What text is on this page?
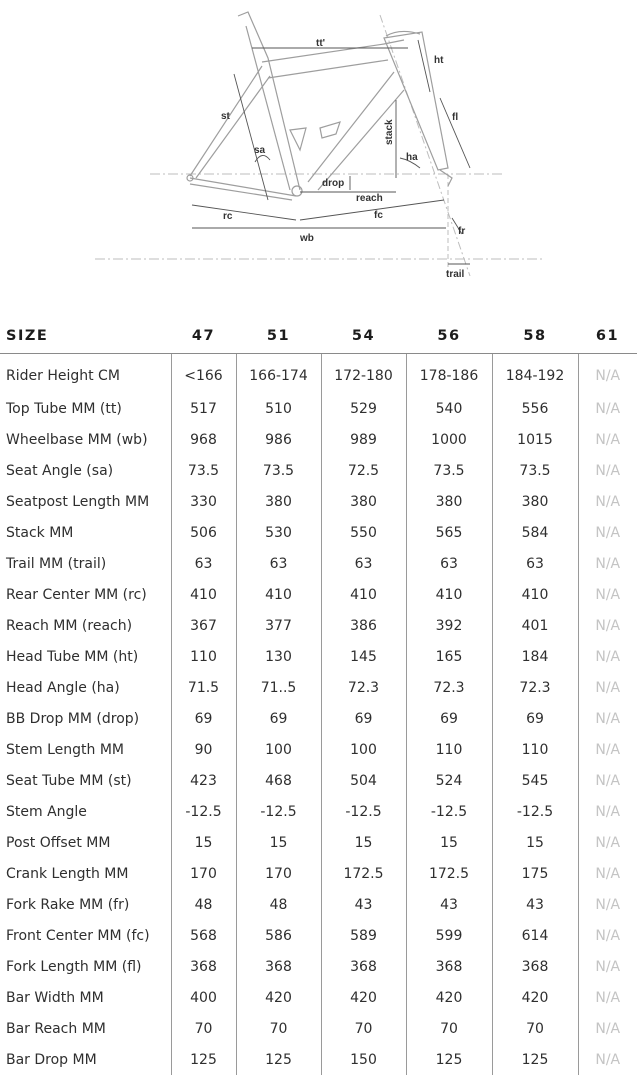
tt'
st
sa
ht
fl
stack
ha
drop
reach
rc	fc
wb
fr
trail
SIZE	47	51	54	56	58	61
Rider Height CM	<166	166-174	172-180	178-186	184-192	N/A
Top Tube MM (tt)	517	510	529	540	556	N/A
Wheelbase MM (wb)	968	986	989	1000	1015	N/A
Seat Angle (sa)	73.5	73.5	72.5	73.5	73.5	N/A
Seatpost Length MM	330	380	380	380	380	N/A
Stack MM	506	530	550	565	584	N/A
Trail MM (trail)	63	63	63	63	63	N/A
Rear Center MM (rc)	410	410	410	410	410	N/A
Reach MM (reach)	367	377	386	392	401	N/A
Head Tube MM (ht)	110	130	145	165	184	N/A
Head Angle (ha)	71.5	71..5	72.3	72.3	72.3	N/A
BB Drop MM (drop)	69	69	69	69	69	N/A
Stem Length MM	90	100	100	110	110	N/A
Seat Tube MM (st)	423	468	504	524	545	N/A
Stem Angle	-12.5	-12.5	-12.5	-12.5	-12.5	N/A
Post Offset MM	15	15	15	15	15	N/A
Crank Length MM	170	170	172.5	172.5	175	N/A
Fork Rake MM (fr)	48	48	43	43	43	N/A
Front Center MM (fc)	568	586	589	599	614	N/A
Fork Length MM (fl)	368	368	368	368	368	N/A
Bar Width MM	400	420	420	420	420	N/A
Bar Reach MM	70	70	70	70	70	N/A
Bar Drop MM	125	125	150	125	125	N/A
